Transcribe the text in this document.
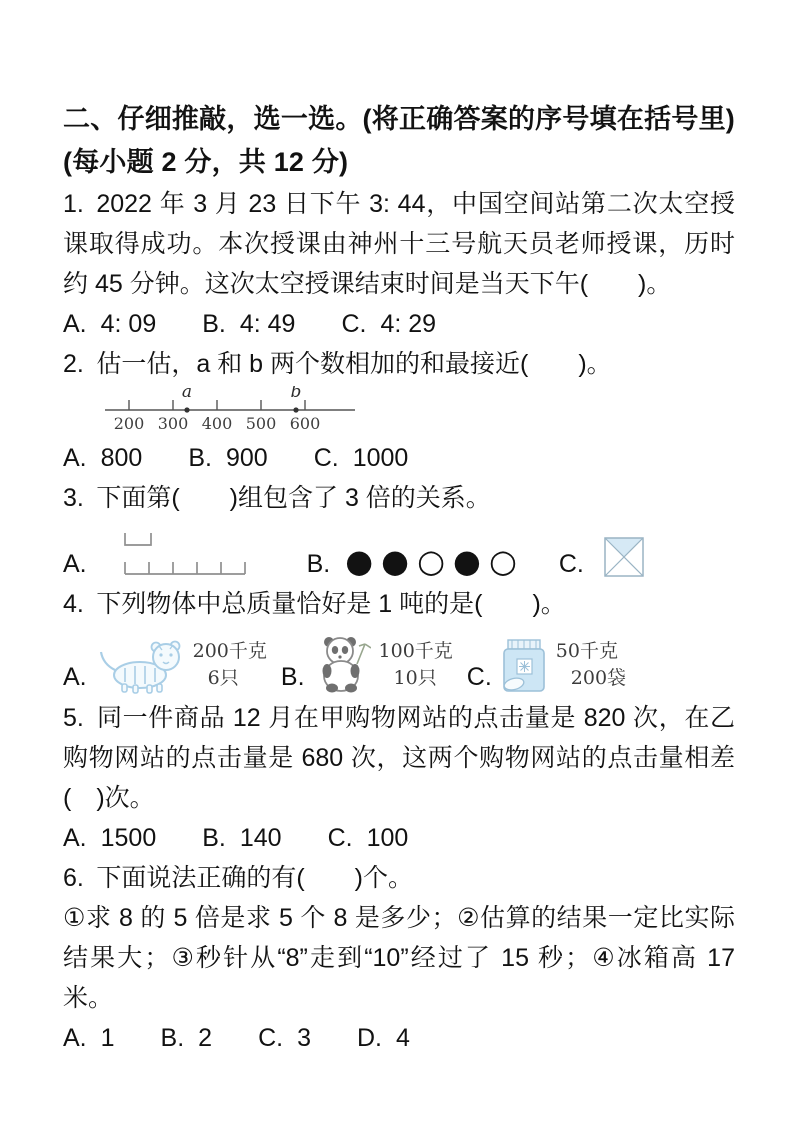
二、仔细推敲，选一选。(将正确答案的序号填在括号里)(每小题 2 分，共 12 分)
1. 2022 年 3 月 23 日下午 3: 44，中国空间站第二次太空授课取得成功。本次授课由神州十三号航天员老师授课，历时约 45 分钟。这次太空授课结束时间是当天下午(　　)。
A. 4: 09 B. 4: 49 C. 4: 29
2. 估一估，a 和 b 两个数相加的和最接近(　　)。
200 300 400 500 600
a	b
A. 800 B. 900 C. 1000
3. 下面第(　　)组包含了 3 倍的关系。
A.	B. ●●○●○ C.
4. 下列物体中总质量恰好是 1 吨的是(　　)。
A.
200千克
6只	B.
100千克
10只	C.
50千克
200袋
5. 同一件商品 12 月在甲购物网站的点击量是 820 次，在乙购物网站的点击量是 680 次，这两个购物网站的点击量相差(　)次。
A. 1500 B. 140 C. 100
6. 下面说法正确的有(　　)个。
①求 8 的 5 倍是求 5 个 8 是多少；②估算的结果一定比实际结果大；③秒针从“8”走到“10”经过了 15 秒；④冰箱高 17 米。
A. 1 B. 2 C. 3 D. 4
